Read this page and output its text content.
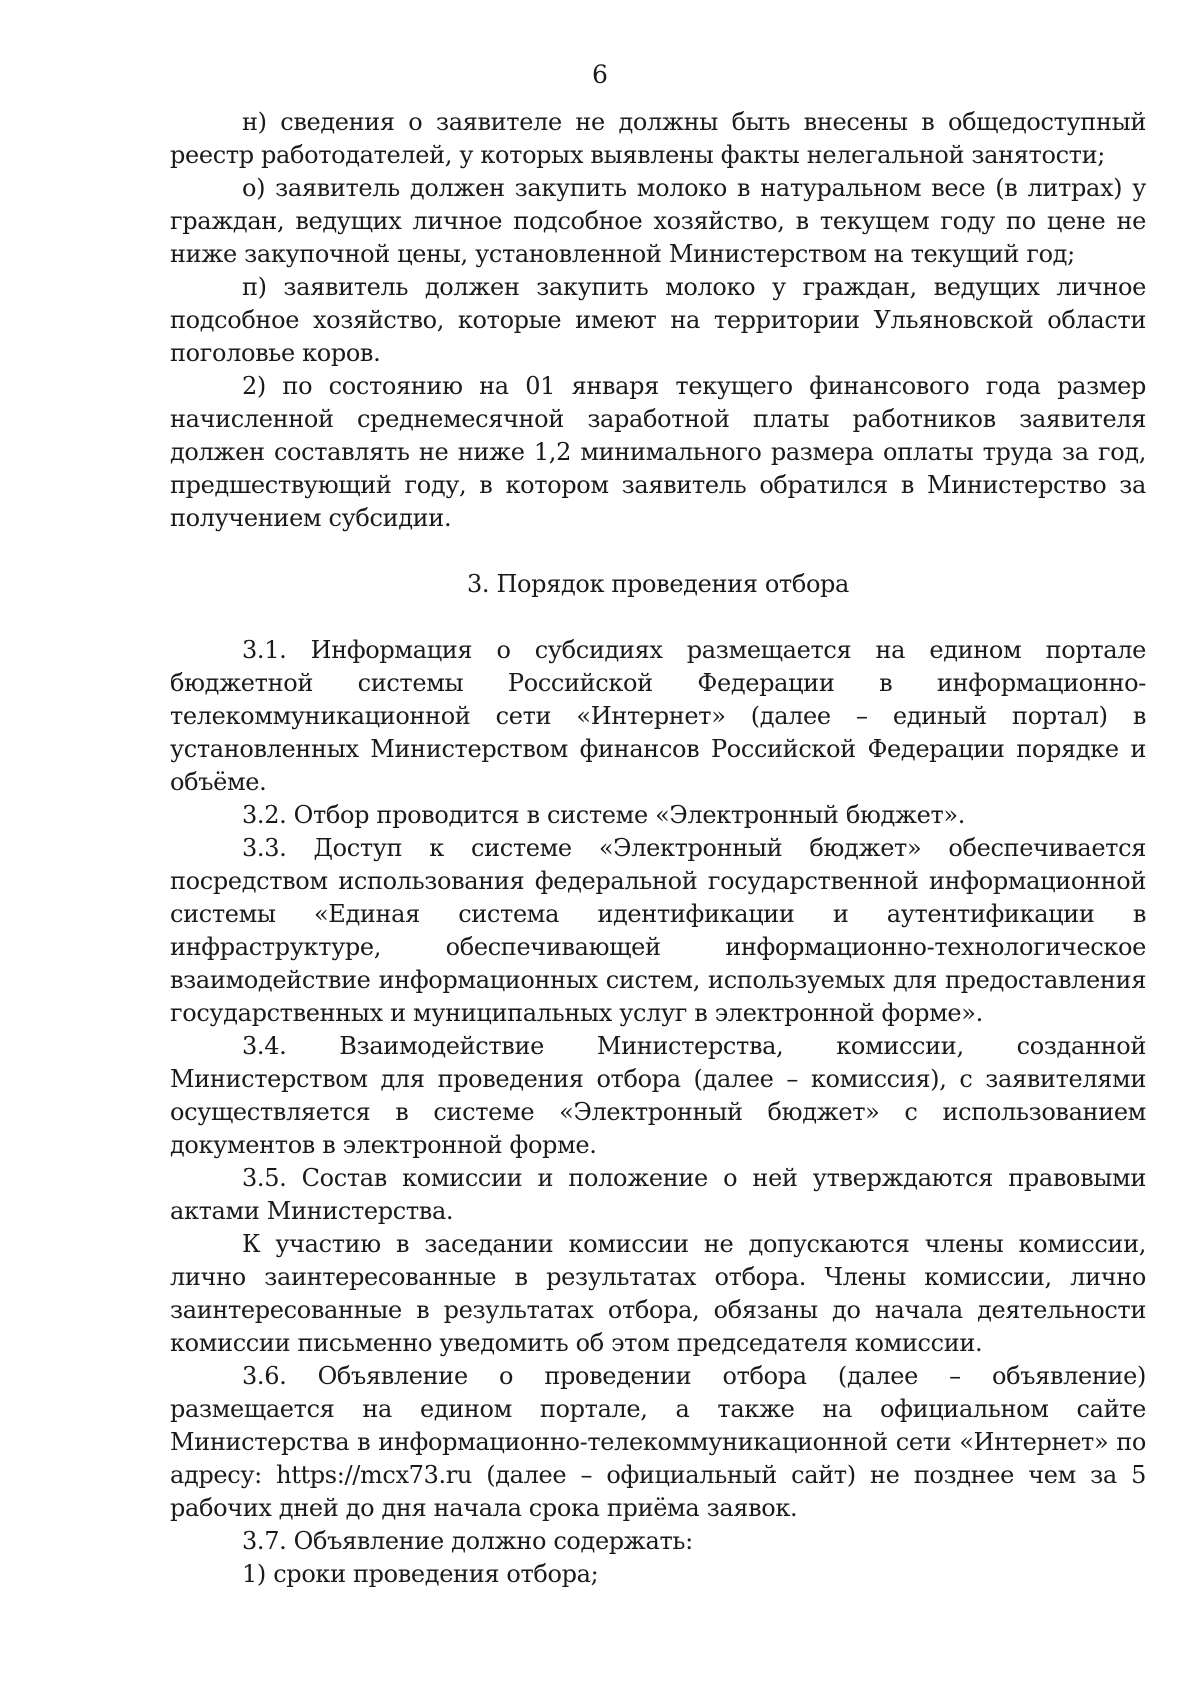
6

н) сведения о заявителе не должны быть внесены в общедоступный реестр работодателей, у которых выявлены факты нелегальной занятости;

о) заявитель должен закупить молоко в натуральном весе (в литрах) у граждан, ведущих личное подсобное хозяйство, в текущем году по цене не ниже закупочной цены, установленной Министерством на текущий год;

п) заявитель должен закупить молоко у граждан, ведущих личное подсобное хозяйство, которые имеют на территории Ульяновской области поголовье коров.

2) по состоянию на 01 января текущего финансового года размер начисленной среднемесячной заработной платы работников заявителя должен составлять не ниже 1,2 минимального размера оплаты труда за год, предшествующий году, в котором заявитель обратился в Министерство за получением субсидии.

3. Порядок проведения отбора

3.1. Информация о субсидиях размещается на едином портале бюджетной системы Российской Федерации в информационно-телекоммуникационной сети «Интернет» (далее – единый портал) в установленных Министерством финансов Российской Федерации порядке и объёме.

3.2. Отбор проводится в системе «Электронный бюджет».

3.3. Доступ к системе «Электронный бюджет» обеспечивается посредством использования федеральной государственной информационной системы «Единая система идентификации и аутентификации в инфраструктуре, обеспечивающей информационно-технологическое взаимодействие информационных систем, используемых для предоставления государственных и муниципальных услуг в электронной форме».

3.4. Взаимодействие Министерства, комиссии, созданной Министерством для проведения отбора (далее – комиссия), с заявителями осуществляется в системе «Электронный бюджет» с использованием документов в электронной форме.

3.5. Состав комиссии и положение о ней утверждаются правовыми актами Министерства.

К участию в заседании комиссии не допускаются члены комиссии, лично заинтересованные в результатах отбора. Члены комиссии, лично заинтересованные в результатах отбора, обязаны до начала деятельности комиссии письменно уведомить об этом председателя комиссии.

3.6. Объявление о проведении отбора (далее – объявление) размещается на едином портале, а также на официальном сайте Министерства в информационно-телекоммуникационной сети «Интернет» по адресу: https://mcx73.ru (далее – официальный сайт) не позднее чем за 5 рабочих дней до дня начала срока приёма заявок.

3.7. Объявление должно содержать:

1) сроки проведения отбора;
